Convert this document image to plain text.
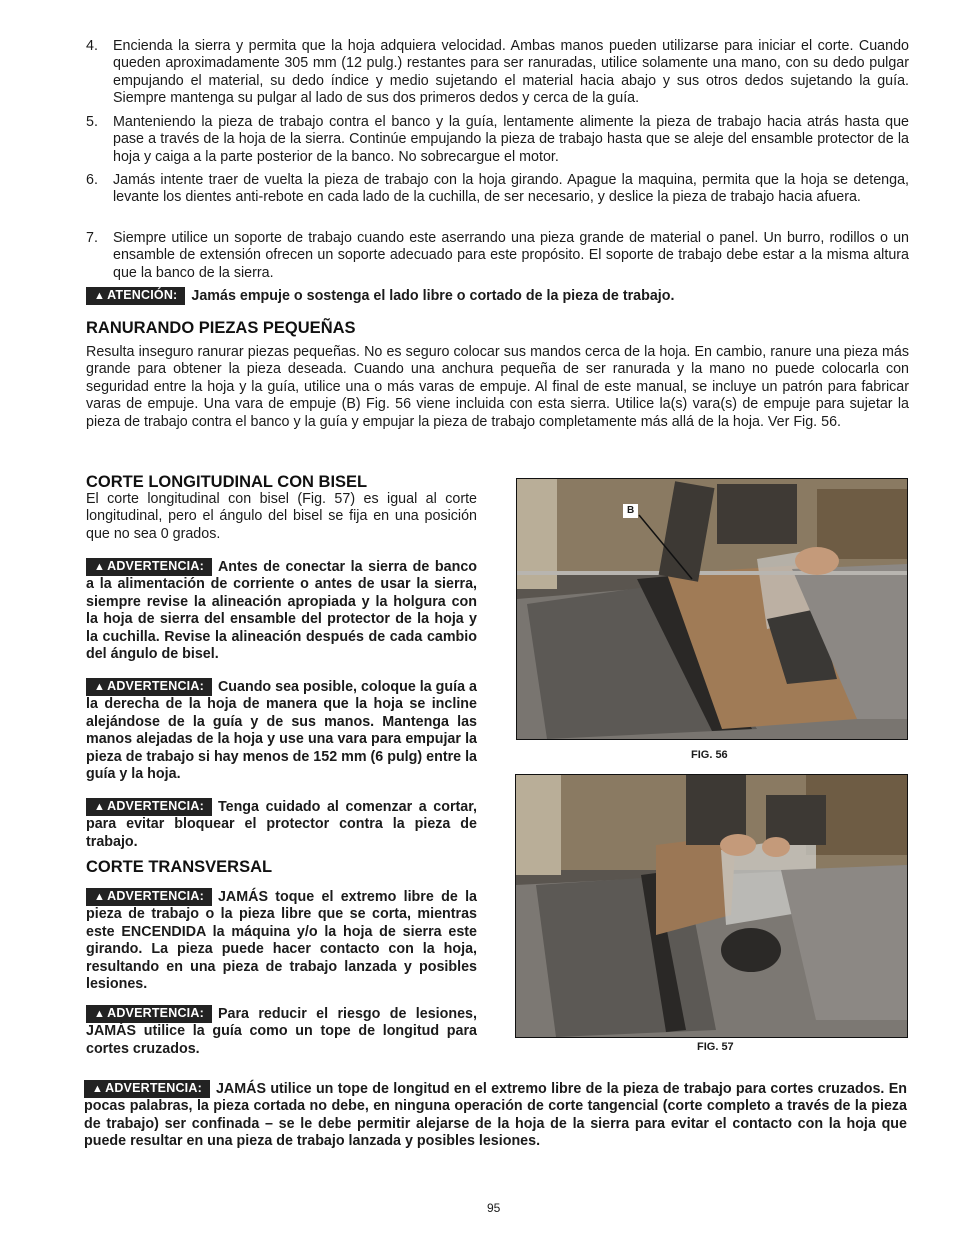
4.	Encienda la sierra y permita que la hoja adquiera velocidad. Ambas manos pueden utilizarse para iniciar el corte. Cuando queden aproximadamente 305 mm (12 pulg.) restantes para ser ranuradas, utilice solamente una mano, con su dedo pulgar empujando el material, su dedo índice y medio sujetando el material hacia abajo y sus otros dedos sujetando la guía. Siempre mantenga su pulgar al lado de sus dos primeros dedos y cerca de la guía.
5.	Manteniendo la pieza de trabajo contra el banco y la guía, lentamente alimente la pieza de trabajo hacia atrás hasta que pase a través de la hoja de la sierra. Continúe empujando la pieza de trabajo hasta que se aleje del ensamble protector de la hoja y caiga a la parte posterior de la banco. No sobrecargue el motor.
6.	Jamás intente traer de vuelta la pieza de trabajo con la hoja girando. Apague la maquina, permita que la hoja se detenga, levante los dientes anti-rebote en cada lado de la cuchilla, de ser necesario, y deslice la pieza de trabajo hacia afuera.
7.	Siempre utilice un soporte de trabajo cuando este aserrando una pieza grande de material o panel. Un burro, rodillos o un ensamble de extensión ofrecen un soporte adecuado para este propósito. El soporte de trabajo debe estar a la misma altura que la banco de la sierra.
▲ ATENCIÓN: Jamás empuje o sostenga el lado libre o cortado de la pieza de trabajo.
RANURANDO PIEZAS PEQUEÑAS
Resulta inseguro ranurar piezas pequeñas. No es seguro colocar sus mandos cerca de la hoja. En cambio, ranure una pieza más grande para obtener la pieza deseada. Cuando una anchura pequeña de ser ranurada y la mano no puede colocarla con seguridad entre la hoja y la guía, utilice una o más varas de empuje. Al final de este manual, se incluye un patrón para fabricar varas de empuje. Una vara de empuje (B) Fig. 56 viene incluida con esta sierra. Utilice la(s) vara(s) de empuje para sujetar la pieza de trabajo contra el banco y la guía y empujar la pieza de trabajo completamente más allá de la hoja. Ver Fig. 56.
CORTE LONGITUDINAL CON BISEL
El corte longitudinal con bisel (Fig. 57) es igual al corte longitudinal, pero el ángulo del bisel se fija en una posición que no sea 0 grados.
▲ ADVERTENCIA: Antes de conectar la sierra de banco a la alimentación de corriente o antes de usar la sierra, siempre revise la alineación apropiada y la holgura con la hoja de sierra del ensamble del protector de la hoja y la cuchilla. Revise la alineación después de cada cambio del ángulo de bisel.
▲ ADVERTENCIA: Cuando sea posible, coloque la guía a la derecha de la hoja de manera que la hoja se incline alejándose de la guía y de sus manos. Mantenga las manos alejadas de la hoja y use una vara para empujar la pieza de trabajo si hay menos de 152 mm (6 pulg) entre la guía y la hoja.
▲ ADVERTENCIA: Tenga cuidado al comenzar a cortar, para evitar bloquear el protector contra la pieza de trabajo.
CORTE TRANSVERSAL
▲ ADVERTENCIA: JAMÁS toque el extremo libre de la pieza de trabajo o la pieza libre que se corta, mientras este ENCENDIDA la máquina y/o la hoja de sierra este girando. La pieza puede hacer contacto con la hoja, resultando en una pieza de trabajo lanzada y posibles lesiones.
▲ ADVERTENCIA: Para reducir el riesgo de lesiones, JAMÁS utilice la guía como un tope de longitud para cortes cruzados.
B
FIG. 56
FIG. 57
▲ ADVERTENCIA: JAMÁS utilice un tope de longitud en el extremo libre de la pieza de trabajo para cortes cruzados. En pocas palabras, la pieza cortada no debe, en ninguna operación de corte tangencial (corte completo a través de la pieza de trabajo) ser confinada – se le debe permitir alejarse de la hoja de la sierra para evitar el contacto con la hoja que puede resultar en una pieza de trabajo lanzada y posibles lesiones.
95
